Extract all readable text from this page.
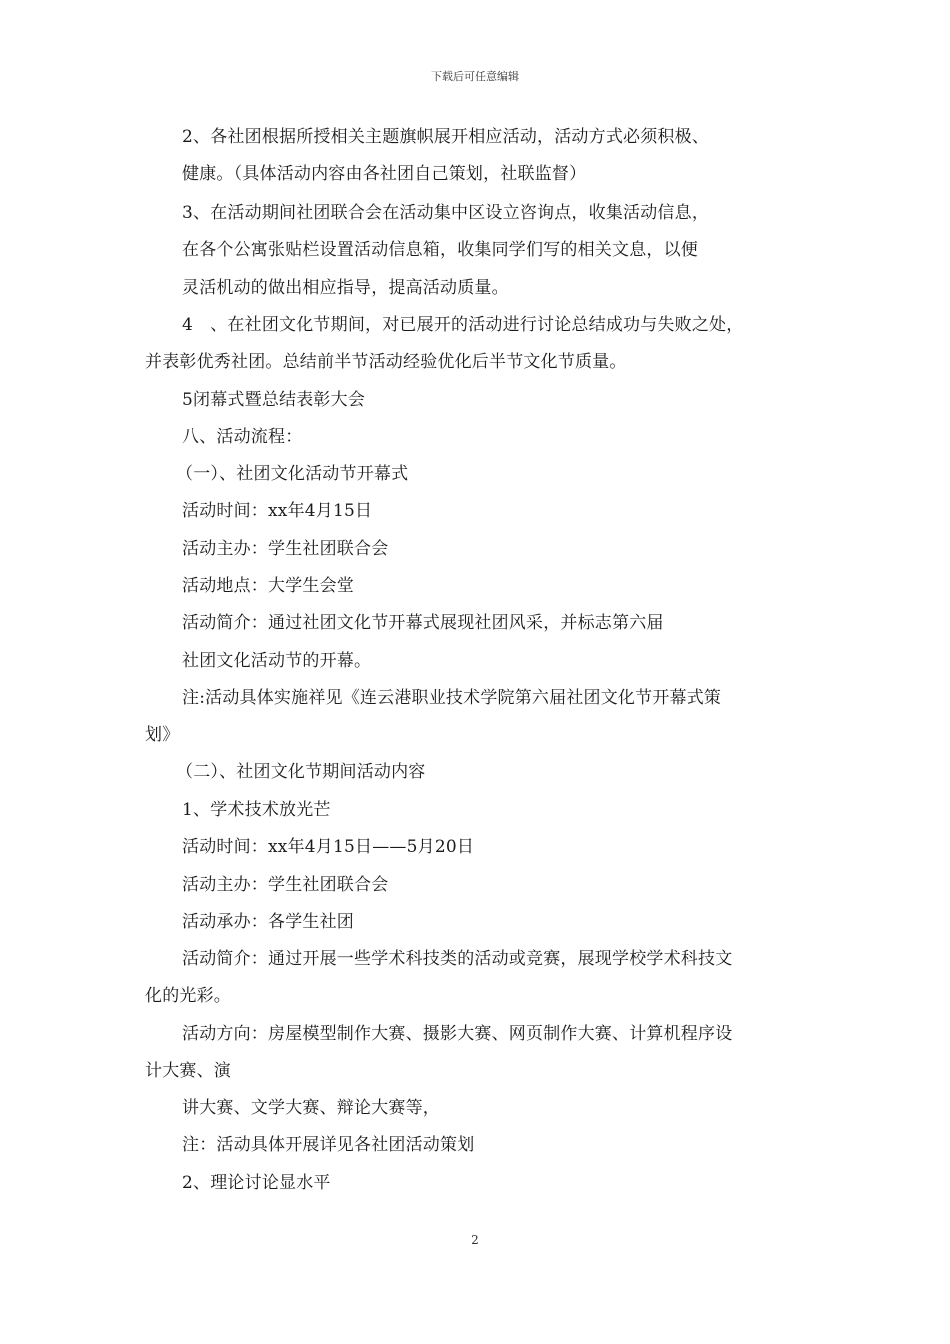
下载后可任意编辑
2、各社团根据所授相关主题旗帜展开相应活动，活动方式必须积极、
健康。（具体活动内容由各社团自己策划，社联监督）
3、在活动期间社团联合会在活动集中区设立咨询点，收集活动信息，
在各个公寓张贴栏设置活动信息箱，收集同学们写的相关文息，以便
灵活机动的做出相应指导，提高活动质量。
4　、在社团文化节期间，对已展开的活动进行讨论总结成功与失败之处，
并表彰优秀社团。总结前半节活动经验优化后半节文化节质量。
5闭幕式暨总结表彰大会
八、活动流程：
（一）、社团文化活动节开幕式
活动时间：xx年4月15日
活动主办：学生社团联合会
活动地点：大学生会堂
活动简介：通过社团文化节开幕式展现社团风采，并标志第六届
社团文化活动节的开幕。
注:活动具体实施祥见《连云港职业技术学院第六届社团文化节开幕式策
划》
（二）、社团文化节期间活动内容
1、学术技术放光芒
活动时间：xx年4月15日——5月20日
活动主办：学生社团联合会
活动承办：各学生社团
活动简介：通过开展一些学术科技类的活动或竞赛，展现学校学术科技文
化的光彩。
活动方向：房屋模型制作大赛、摄影大赛、网页制作大赛、计算机程序设
计大赛、演
讲大赛、文学大赛、辩论大赛等，
注：活动具体开展详见各社团活动策划
2、理论讨论显水平
2
